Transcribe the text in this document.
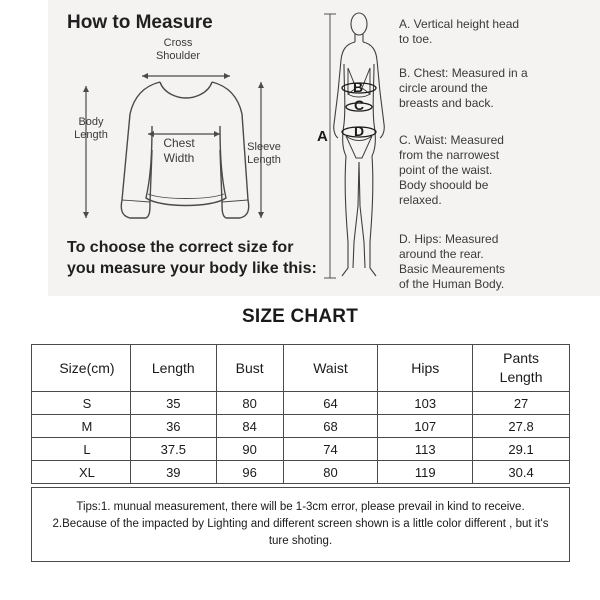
How to Measure
Cross
Shoulder
Body
Length
Chest
Width
Sleeve
Length
To choose the correct size for
you measure your body like this:
B
C
D
A
A. Vertical height head
to toe.
B. Chest: Measured in a
circle around the
breasts and back.
C. Waist: Measured
from the narrowest
point of the waist.
Body shoould be
relaxed.
D. Hips: Measured
around the rear.
Basic Meaurements
of the Human Body.
SIZE CHART
Size(cm)	Length	Bust	Waist	Hips	Pants
Length

S	35	80	64	103	27
M	36	84	68	107	27.8
L	37.5	90	74	113	29.1
XL	39	96	80	119	30.4
Tips:1. munual measurement, there will be 1-3cm error, please prevail in kind to receive.
2.Because of the impacted by Lighting and different screen shown is a little color different , but it's
ture shoting.
